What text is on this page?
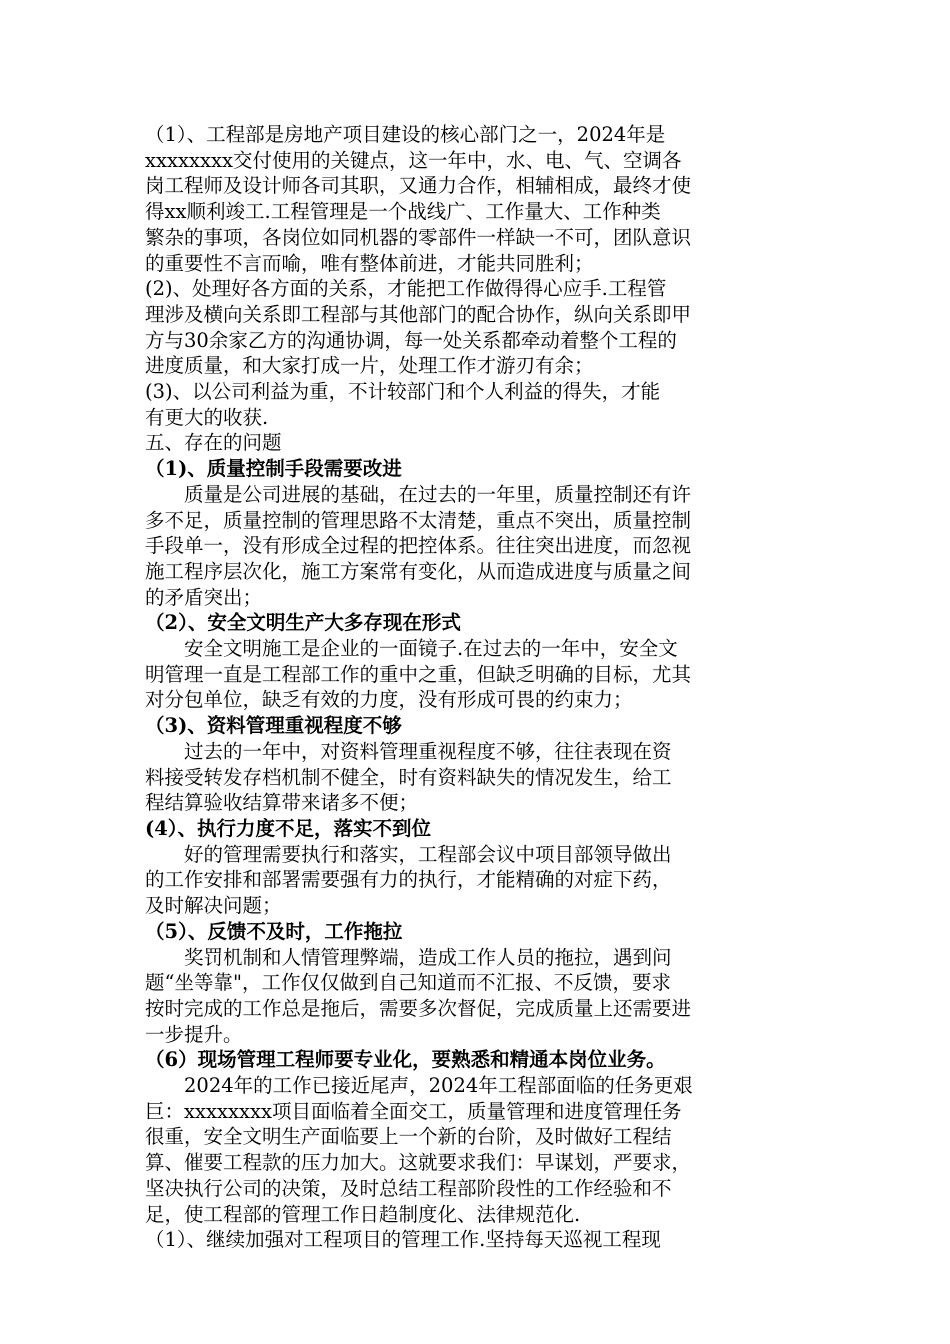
（1）、工程部是房地产项目建设的核心部门之一，2024年是
xxxxxxxx交付使用的关键点，这一年中，水、电、气、空调各
岗工程师及设计师各司其职，又通力合作，相辅相成，最终才使
得xx顺利竣工.工程管理是一个战线广、工作量大、工作种类
繁杂的事项，各岗位如同机器的零部件一样缺一不可，团队意识
的重要性不言而喻，唯有整体前进，才能共同胜利；
(2)、处理好各方面的关系，才能把工作做得得心应手.工程管
理涉及横向关系即工程部与其他部门的配合协作，纵向关系即甲
方与30余家乙方的沟通协调，每一处关系都牵动着整个工程的
进度质量，和大家打成一片，处理工作才游刃有余；
(3)、以公司利益为重，不计较部门和个人利益的得失，才能
有更大的收获.
五、存在的问题
（1)、质量控制手段需要改进
质量是公司进展的基础，在过去的一年里，质量控制还有许
多不足，质量控制的管理思路不太清楚，重点不突出，质量控制
手段单一，没有形成全过程的把控体系。往往突出进度，而忽视
施工程序层次化，施工方案常有变化，从而造成进度与质量之间
的矛盾突出；
（2）、安全文明生产大多存现在形式
安全文明施工是企业的一面镜子.在过去的一年中，安全文
明管理一直是工程部工作的重中之重，但缺乏明确的目标，尤其
对分包单位，缺乏有效的力度，没有形成可畏的约束力；
（3)、资料管理重视程度不够
过去的一年中，对资料管理重视程度不够，往往表现在资
料接受转发存档机制不健全，时有资料缺失的情况发生，给工
程结算验收结算带来诸多不便；
(4）、执行力度不足，落实不到位
好的管理需要执行和落实，工程部会议中项目部领导做出
的工作安排和部署需要强有力的执行，才能精确的对症下药，
及时解决问题；
（5）、反馈不及时，工作拖拉
奖罚机制和人情管理弊端，造成工作人员的拖拉，遇到问
题“坐等靠"，工作仅仅做到自己知道而不汇报、不反馈，要求
按时完成的工作总是拖后，需要多次督促，完成质量上还需要进
一步提升。
（6）现场管理工程师要专业化，要熟悉和精通本岗位业务。
2024年的工作已接近尾声，2024年工程部面临的任务更艰
巨：xxxxxxxx项目面临着全面交工，质量管理和进度管理任务
很重，安全文明生产面临要上一个新的台阶，及时做好工程结
算、催要工程款的压力加大。这就要求我们：早谋划，严要求，
坚决执行公司的决策，及时总结工程部阶段性的工作经验和不
足，使工程部的管理工作日趋制度化、法律规范化.
（1）、继续加强对工程项目的管理工作.坚持每天巡视工程现
